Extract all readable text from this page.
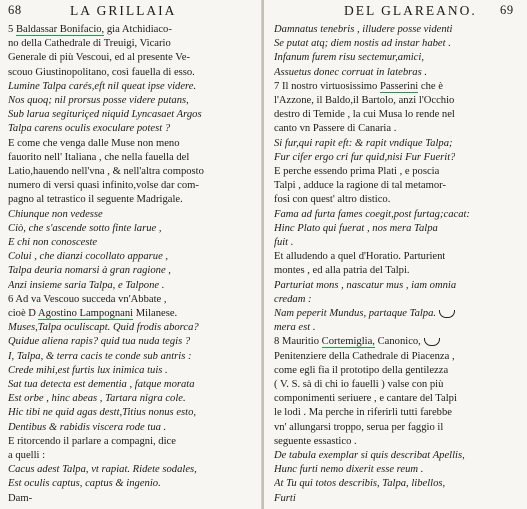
68	LA GRILLAIA
5 Baldassar Bonifacio, gia Atchidiaco-
no della Cathedrale di Treuigi, Vicario
Generale di più Vescoui, ed al presente Ve-
scouo Giustinopolitano, così fauella di esso.
Lumine Talpa carés,eft nil queat ipse videre.
Nos quoq; nil prorsus posse videre putans,
Sub larua segituriçed niquid Lyncasaet Argos
Talpa carens oculis exoculare potest ?
E come che venga dalle Muse non meno
fauorito nell' Italiana , che nella fauella del
Latio,hauendo nell'vna , & nell'altra composto
numero di versi quasi infinito,volse dar com-
pagno al tetrastico il seguente Madrigale.
Chiunque non vedesse
Ciò, che s'ascende sotto finte larue ,
E chi non conosceste
Colui , che dianzi cocollato apparue ,
Talpa deuria nomarsi à gran ragione ,
Anzi insieme saria Talpa, e Talpone .
6 Ad va Vescouo succeda vn'Abbate ,
cioè D Agostino Lampognani Milanese.
Muses,Talpa oculiscapt. Quid frodis aborca?
Quidue aliena rapis? quid tua nuda tegis ?
I, Talpa, & terra cacis te conde sub antris :
Crede mihi,est furtis lux inimica tuis .
Sat tua detecta est dementia , fatque morata
Est orbe , hinc abeas , Tartara nigra cole.
Hic tibi ne quid agas destt,Titius nonus esto,
Dentibus & rabidis viscera rode tua .
E ritorcendo il parlare a compagni, dice
a quelli :
Cacus adest Talpa, vt rapiat. Ridete sodales,
Est oculis captus, captus & ingenio.
Dam-
DEL GLAREANO. 69
Damnatus tenebris , illudere posse videnti
Se putat atq; diem nostis ad instar habet .
Infanum furem risu sectemur,amici,
Assuetus donec corruat in latebras .
7 Il nostro virtuosissimo Passerini che è
l'Azzone, il Baldo,il Bartolo, anzi l'Occhio
destro di Temide , la cui Musa lo rende nel
canto vn Passere di Canaria .
Si fur,qui rapit eft: & rapit vndique Talpa;
Fur cifer ergo cri fur quid,nisi Fur Fuerit?
E perche essendo prima Plati , e poscia
Talpi , adduce la ragione di tal metamor-
fosi con quest' altro distico.
Fama ad furta fames coegit,post furtag;cacat:
Hinc Plato qui fuerat , nos mera Talpa
fuit .
Et alludendo a quel d'Horatio. Parturient
montes , ed alla patria del Talpi.
Parturiat mons , nascatur mus , iam omnia
credam :
Nam peperit Mundus, partaque Talpa.
mera est .
8 Mauritio Cortemiglia, Canonico,
Penitenziere della Cathedrale di Piacenza ,
come egli fia il prototipo della gentilezza
( V. S. sà di chi io fauelli ) valse con più
componimenti seriuere , e cantare del Talpi
le lodi . Ma perche in riferirli tutti farebbe
vn' allungarsi troppo, serua per faggio il
seguente essastico .
De tabula exemplar si quis describat Apellis,
Hunc furti nemo dixerit esse reum .
At Tu qui totos describis, Talpa, libellos,
Furti
